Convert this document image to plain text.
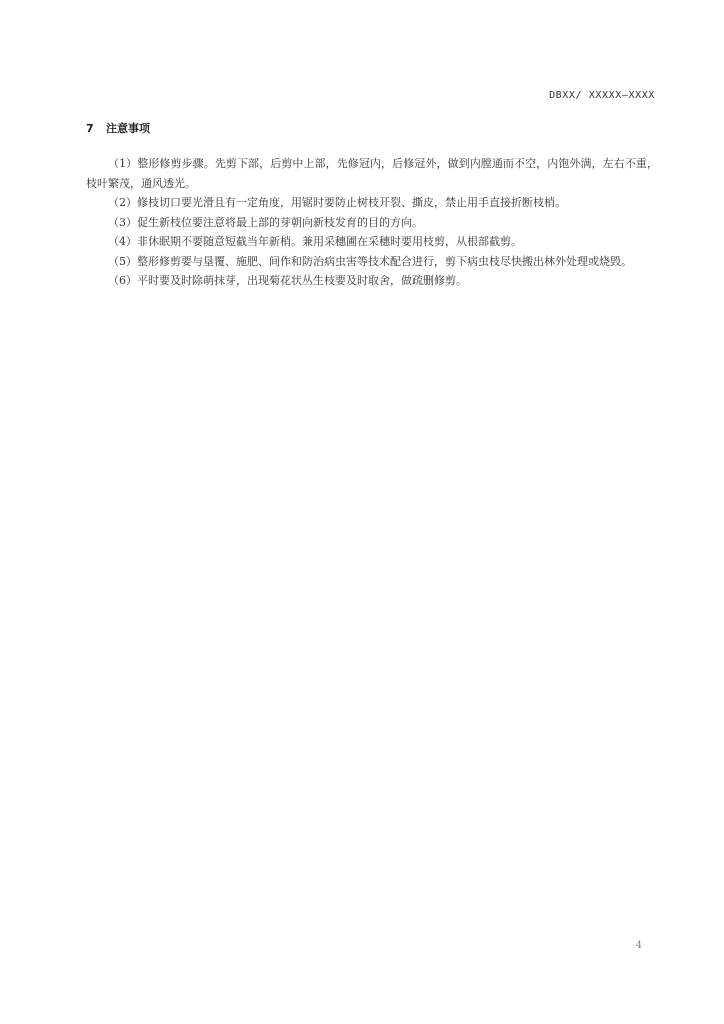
DBXX/ XXXXX—XXXX
7 注意事项

（1）整形修剪步骤。先剪下部，后剪中上部，先修冠内，后修冠外，做到内膛通而不空，内饱外满，左右不重，枝叶繁茂，通风透光。

（2）修枝切口要光滑且有一定角度，用锯时要防止树枝开裂、撕皮，禁止用手直接折断枝梢。

（3）促生新枝位要注意将最上部的芽朝向新枝发育的目的方向。

（4）非休眠期不要随意短截当年新梢。兼用采穗圃在采穗时要用枝剪，从根部截剪。

（5）整形修剪要与垦覆、施肥、间作和防治病虫害等技术配合进行，剪下病虫枝尽快搬出林外处理或烧毁。

（6）平时要及时除萌抹芽，出现菊花状丛生枝要及时取舍，做疏删修剪。

4
